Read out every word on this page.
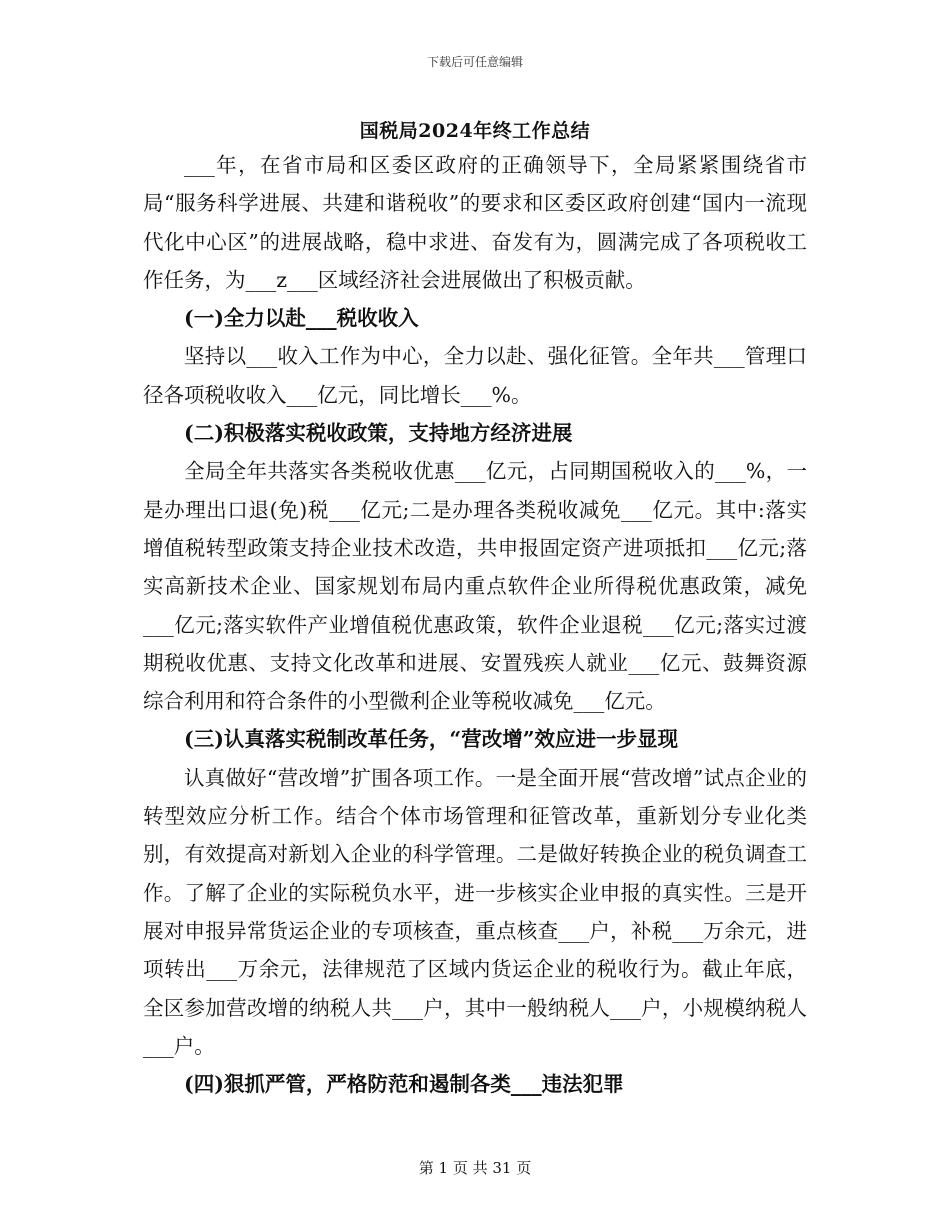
下载后可任意编辑
国税局2024年终工作总结

___年，在省市局和区委区政府的正确领导下，全局紧紧围绕省市局“服务科学进展、共建和谐税收”的要求和区委区政府创建“国内一流现代化中心区”的进展战略，稳中求进、奋发有为，圆满完成了各项税收工作任务，为___z___区域经济社会进展做出了积极贡献。

(一)全力以赴___税收收入

坚持以___收入工作为中心，全力以赴、强化征管。全年共___管理口径各项税收收入___亿元，同比增长___%。

(二)积极落实税收政策，支持地方经济进展

全局全年共落实各类税收优惠___亿元，占同期国税收入的___%，一是办理出口退(免)税___亿元;二是办理各类税收减免___亿元。其中:落实增值税转型政策支持企业技术改造，共申报固定资产进项抵扣___亿元;落实高新技术企业、国家规划布局内重点软件企业所得税优惠政策，减免___亿元;落实软件产业增值税优惠政策，软件企业退税___亿元;落实过渡期税收优惠、支持文化改革和进展、安置残疾人就业___亿元、鼓舞资源综合利用和符合条件的小型微利企业等税收减免___亿元。

(三)认真落实税制改革任务，“营改增”效应进一步显现

认真做好“营改增”扩围各项工作。一是全面开展“营改增”试点企业的转型效应分析工作。结合个体市场管理和征管改革，重新划分专业化类别，有效提高对新划入企业的科学管理。二是做好转换企业的税负调查工作。了解了企业的实际税负水平，进一步核实企业申报的真实性。三是开展对申报异常货运企业的专项核查，重点核查___户，补税___万余元，进项转出___万余元，法律规范了区域内货运企业的税收行为。截止年底，全区参加营改增的纳税人共___户，其中一般纳税人___户，小规模纳税人___户。

(四)狠抓严管，严格防范和遏制各类___违法犯罪

第 1 页 共 31 页
